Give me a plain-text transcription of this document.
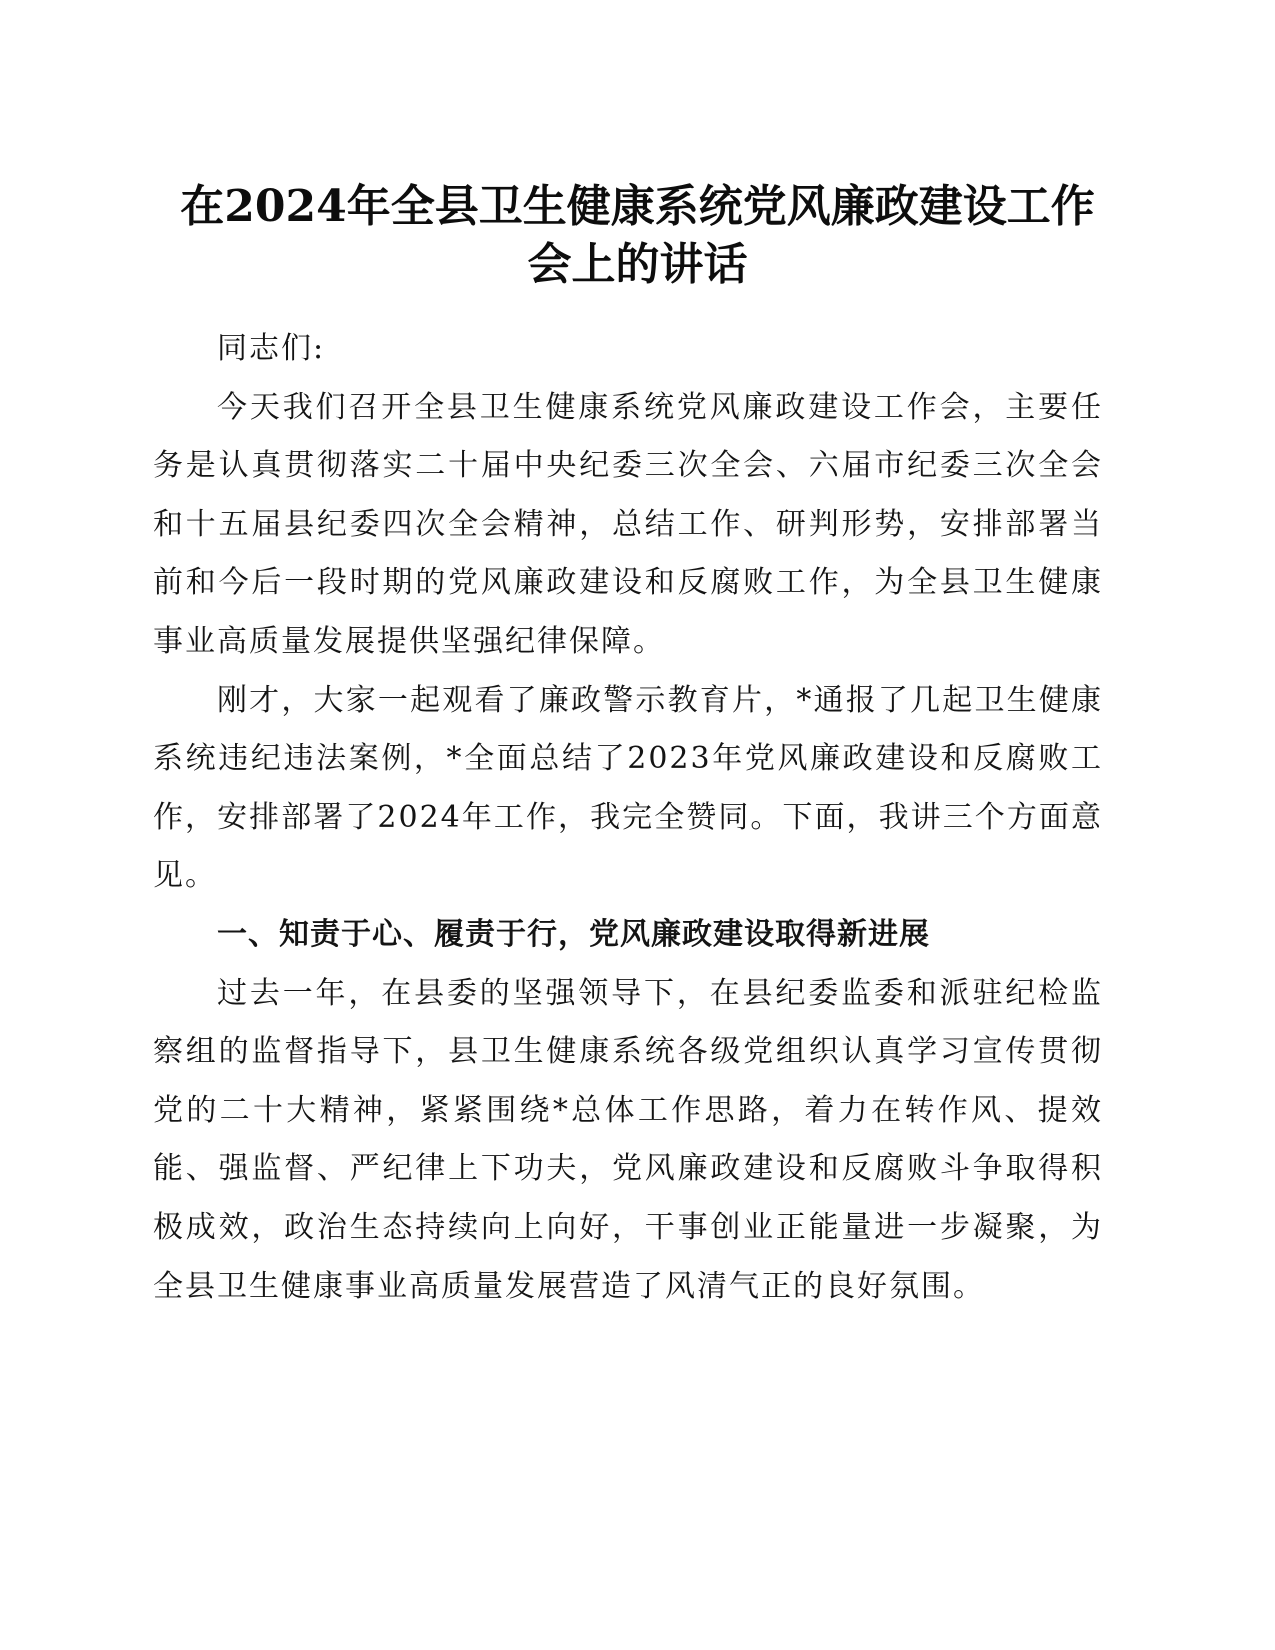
在2024年全县卫生健康系统党风廉政建设工作
会上的讲话

同志们:

今天我们召开全县卫生健康系统党风廉政建设工作会，主要任务是认真贯彻落实二十届中央纪委三次全会、六届市纪委三次全会和十五届县纪委四次全会精神，总结工作、研判形势，安排部署当前和今后一段时期的党风廉政建设和反腐败工作，为全县卫生健康事业高质量发展提供坚强纪律保障。

刚才，大家一起观看了廉政警示教育片，*通报了几起卫生健康系统违纪违法案例，*全面总结了2023年党风廉政建设和反腐败工作，安排部署了2024年工作，我完全赞同。下面，我讲三个方面意见。

一、知责于心、履责于行，党风廉政建设取得新进展

过去一年，在县委的坚强领导下，在县纪委监委和派驻纪检监察组的监督指导下，县卫生健康系统各级党组织认真学习宣传贯彻党的二十大精神，紧紧围绕*总体工作思路，着力在转作风、提效能、强监督、严纪律上下功夫，党风廉政建设和反腐败斗争取得积极成效，政治生态持续向上向好，干事创业正能量进一步凝聚，为全县卫生健康事业高质量发展营造了风清气正的良好氛围。
